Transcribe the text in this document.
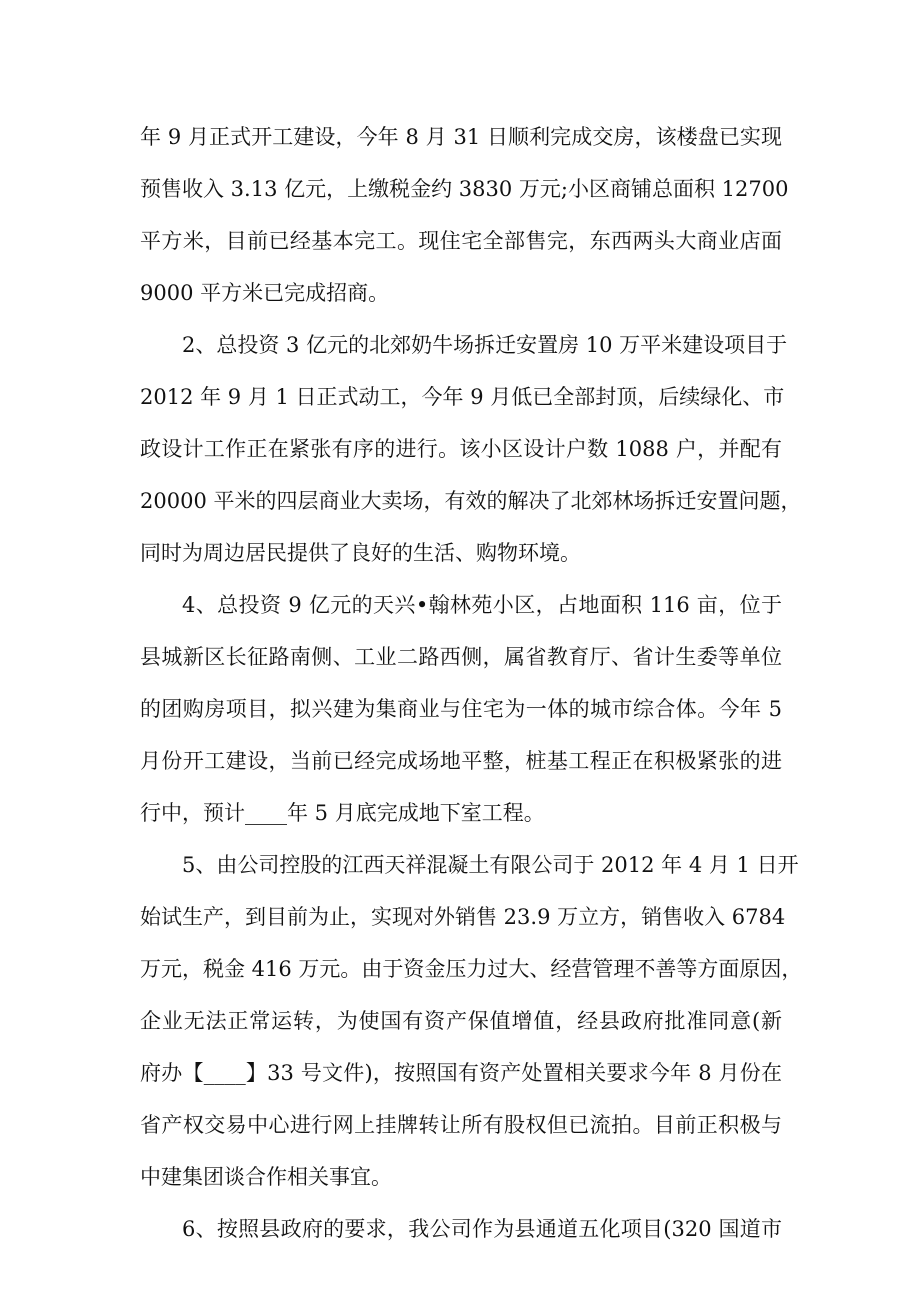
年 9 月正式开工建设，今年 8 月 31 日顺利完成交房，该楼盘已实现
预售收入 3.13 亿元，上缴税金约 3830 万元;小区商铺总面积 12700
平方米，目前已经基本完工。现住宅全部售完，东西两头大商业店面
9000 平方米已完成招商。
2、总投资 3 亿元的北郊奶牛场拆迁安置房 10 万平米建设项目于
2012 年 9 月 1 日正式动工，今年 9 月低已全部封顶，后续绿化、市
政设计工作正在紧张有序的进行。该小区设计户数 1088 户，并配有
20000 平米的四层商业大卖场，有效的解决了北郊林场拆迁安置问题，
同时为周边居民提供了良好的生活、购物环境。
4、总投资 9 亿元的天兴•翰林苑小区，占地面积 116 亩，位于
县城新区长征路南侧、工业二路西侧，属省教育厅、省计生委等单位
的团购房项目，拟兴建为集商业与住宅为一体的城市综合体。今年 5
月份开工建设，当前已经完成场地平整，桩基工程正在积极紧张的进
行中，预计____年 5 月底完成地下室工程。
5、由公司控股的江西天祥混凝土有限公司于 2012 年 4 月 1 日开
始试生产，到目前为止，实现对外销售 23.9 万立方，销售收入 6784
万元，税金 416 万元。由于资金压力过大、经营管理不善等方面原因，
企业无法正常运转，为使国有资产保值增值，经县政府批准同意(新
府办【____】33 号文件)，按照国有资产处置相关要求今年 8 月份在
省产权交易中心进行网上挂牌转让所有股权但已流拍。目前正积极与
中建集团谈合作相关事宜。
6、按照县政府的要求，我公司作为县通道五化项目(320 国道市
